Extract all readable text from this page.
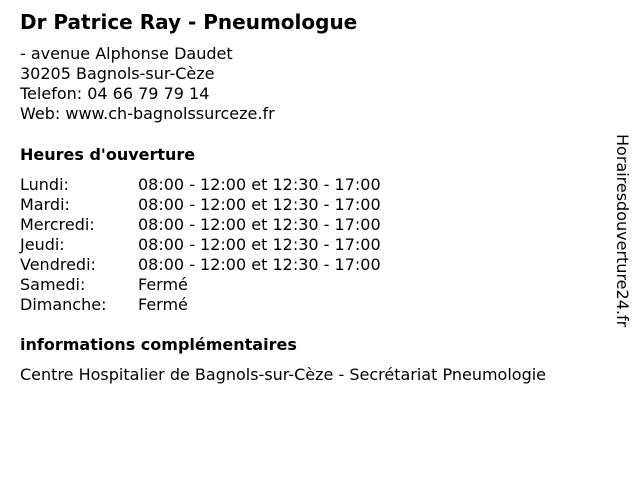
Dr Patrice Ray - Pneumologue
- avenue Alphonse Daudet
30205 Bagnols-sur-Cèze
Telefon: 04 66 79 79 14
Web: www.ch-bagnolssurceze.fr
Heures d'ouverture
Lundi:	08:00 - 12:00 et 12:30 - 17:00
Mardi:	08:00 - 12:00 et 12:30 - 17:00
Mercredi:	08:00 - 12:00 et 12:30 - 17:00
Jeudi:	08:00 - 12:00 et 12:30 - 17:00
Vendredi:	08:00 - 12:00 et 12:30 - 17:00
Samedi:	Fermé
Dimanche:	Fermé
informations complémentaires
Centre Hospitalier de Bagnols-sur-Cèze - Secrétariat Pneumologie
Horairesdouverture24.fr
